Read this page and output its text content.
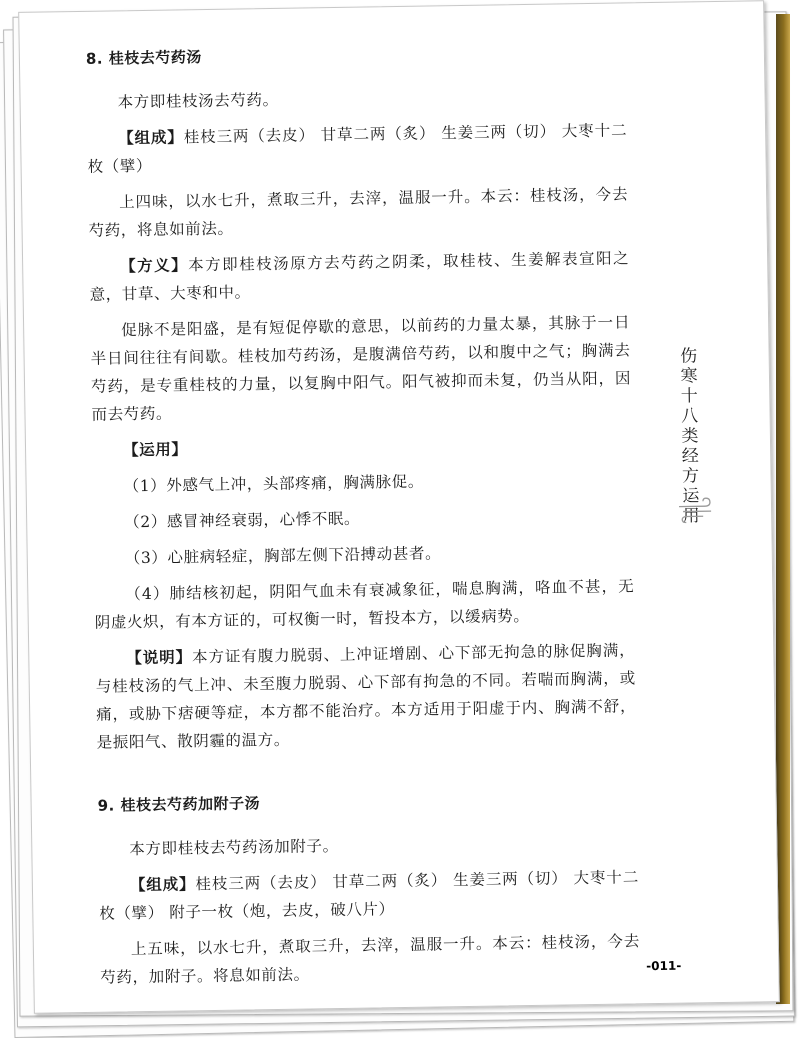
8. 桂枝去芍药汤

本方即桂枝汤去芍药。

【组成】桂枝三两（去皮） 甘草二两（炙） 生姜三两（切） 大枣十二枚（擘）

上四味，以水七升，煮取三升，去滓，温服一升。本云：桂枝汤，今去芍药，将息如前法。

【方义】本方即桂枝汤原方去芍药之阴柔，取桂枝、生姜解表宣阳之意，甘草、大枣和中。

促脉不是阳盛，是有短促停歇的意思，以前药的力量太暴，其脉于一日半日间往往有间歇。桂枝加芍药汤，是腹满倍芍药，以和腹中之气；胸满去芍药，是专重桂枝的力量，以复胸中阳气。阳气被抑而未复，仍当从阳，因而去芍药。

【运用】

（1）外感气上冲，头部疼痛，胸满脉促。

（2）感冒神经衰弱，心悸不眠。

（3）心脏病轻症，胸部左侧下沿搏动甚者。

（4）肺结核初起，阴阳气血未有衰减象征，喘息胸满，咯血不甚，无阴虚火炽，有本方证的，可权衡一时，暂投本方，以缓病势。

【说明】本方证有腹力脱弱、上冲证增剧、心下部无拘急的脉促胸满，与桂枝汤的气上冲、未至腹力脱弱、心下部有拘急的不同。若喘而胸满，或痛，或胁下痞硬等症，本方都不能治疗。本方适用于阳虚于内、胸满不舒，是振阳气、散阴霾的温方。

9. 桂枝去芍药加附子汤

本方即桂枝去芍药汤加附子。

【组成】桂枝三两（去皮） 甘草二两（炙） 生姜三两（切） 大枣十二枚（擘） 附子一枚（炮，去皮，破八片）

上五味，以水七升，煮取三升，去滓，温服一升。本云：桂枝汤，今去芍药，加附子。将息如前法。

伤寒十八类经方运用
-011-
